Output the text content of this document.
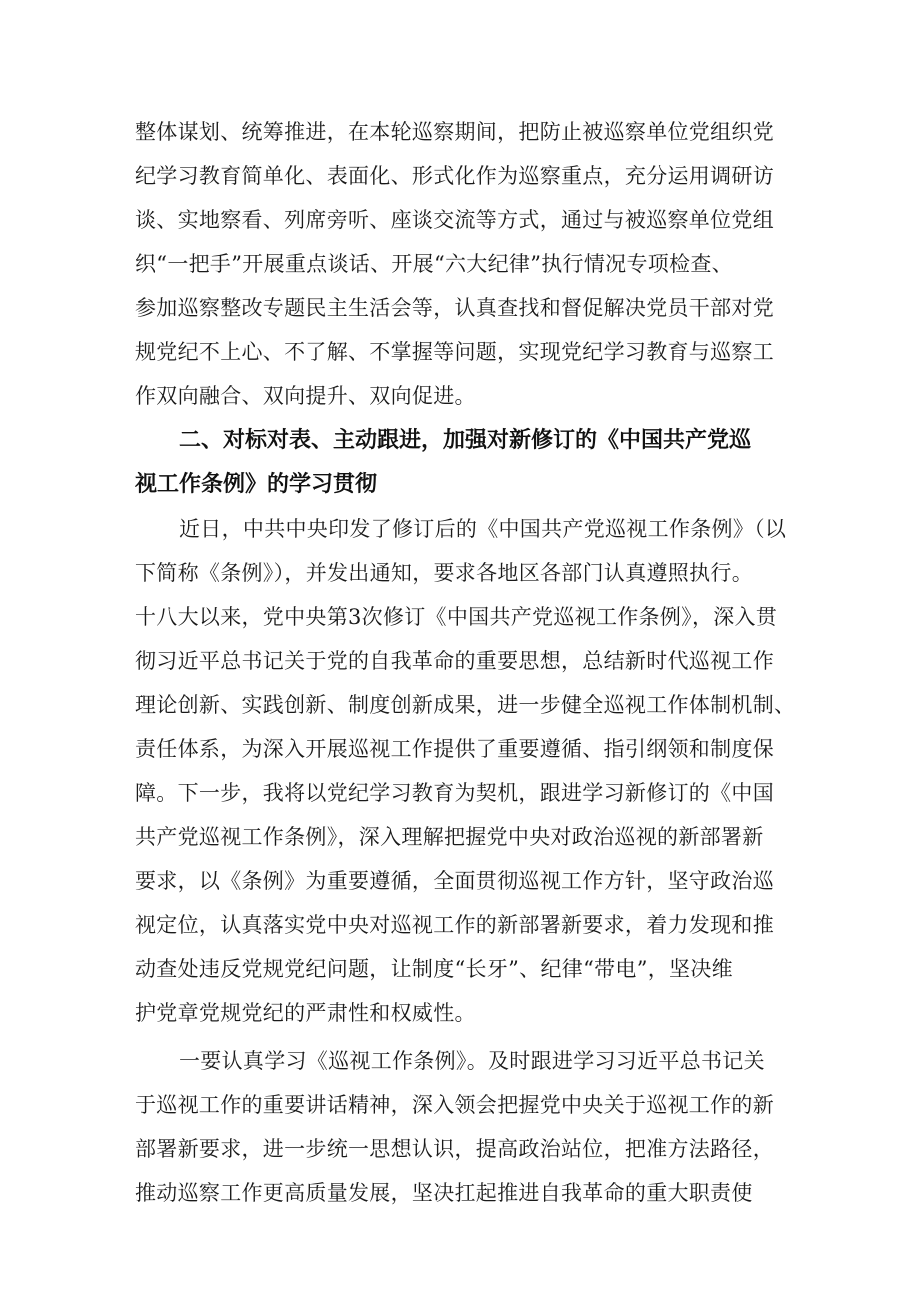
整体谋划、统筹推进，在本轮巡察期间，把防止被巡察单位党组织党
纪学习教育简单化、表面化、形式化作为巡察重点，充分运用调研访
谈、实地察看、列席旁听、座谈交流等方式，通过与被巡察单位党组
织“一把手”开展重点谈话、开展“六大纪律”执行情况专项检查、
参加巡察整改专题民主生活会等，认真查找和督促解决党员干部对党
规党纪不上心、不了解、不掌握等问题，实现党纪学习教育与巡察工
作双向融合、双向提升、双向促进。
二、对标对表、主动跟进，加强对新修订的《中国共产党巡
视工作条例》的学习贯彻
近日，中共中央印发了修订后的《中国共产党巡视工作条例》（以
下简称《条例》），并发出通知，要求各地区各部门认真遵照执行。
十八大以来，党中央第3次修订《中国共产党巡视工作条例》，深入贯
彻习近平总书记关于党的自我革命的重要思想，总结新时代巡视工作
理论创新、实践创新、制度创新成果，进一步健全巡视工作体制机制、
责任体系，为深入开展巡视工作提供了重要遵循、指引纲领和制度保
障。下一步，我将以党纪学习教育为契机，跟进学习新修订的《中国
共产党巡视工作条例》，深入理解把握党中央对政治巡视的新部署新
要求，以《条例》为重要遵循，全面贯彻巡视工作方针，坚守政治巡
视定位，认真落实党中央对巡视工作的新部署新要求，着力发现和推
动查处违反党规党纪问题，让制度“长牙”、纪律“带电”，坚决维
护党章党规党纪的严肃性和权威性。
一要认真学习《巡视工作条例》。及时跟进学习习近平总书记关
于巡视工作的重要讲话精神，深入领会把握党中央关于巡视工作的新
部署新要求，进一步统一思想认识，提高政治站位，把准方法路径，
推动巡察工作更高质量发展，坚决扛起推进自我革命的重大职责使
